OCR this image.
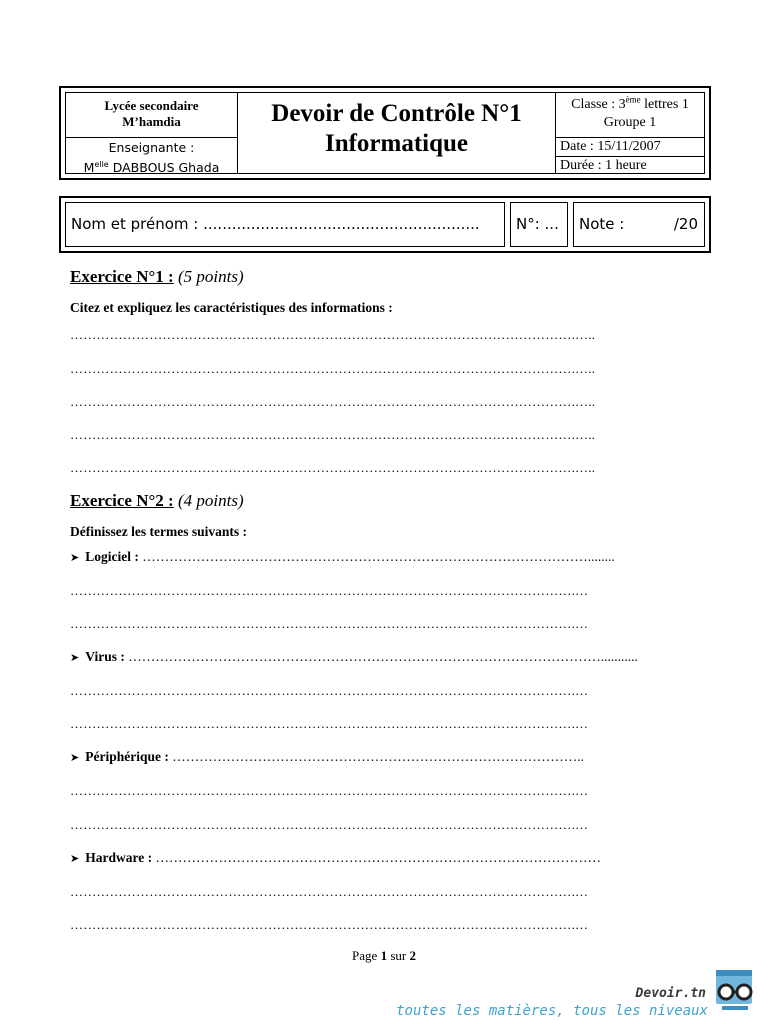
Lycée secondaire
M’hamdia
Enseignante :
$M^{elle}$ DABBOUS Ghada
Devoir de Contrôle N°1
Informatique
Classe : 3ème lettres 1
Groupe 1
Date : 15/11/2007
Durée : 1 heure
Nom et prénom : ..........................................................	N°: ...	Note :	/20
Exercice N°1 : (5 points)
Citez et expliquez les caractéristiques des informations :
…………………………………………………………………………………………………….…..
…………………………………………………………………………………………………….…..
…………………………………………………………………………………………………….…..
…………………………………………………………………………………………………….…..
…………………………………………………………………………………………………….…..
Exercice N°2 : (4 points)
Définissez les termes suivants :
➤ Logiciel : ………………………………………………………………………………………........
…………………………………………………………………………………………………….…
…………………………………………………………………………………………………….…
➤ Virus : ……………………………………………………………………………………………...........
…………………………………………………………………………………………………….…
…………………………………………………………………………………………………….…
➤ Périphérique : ………………………………………………………………………………..
…………………………………………………………………………………………………….…
…………………………………………………………………………………………………….…
➤ Hardware : ………………………………………………………………………………………
…………………………………………………………………………………………………….…
…………………………………………………………………………………………………….…
Page 1 sur 2
Devoir.tn
toutes les matières, tous les niveaux
